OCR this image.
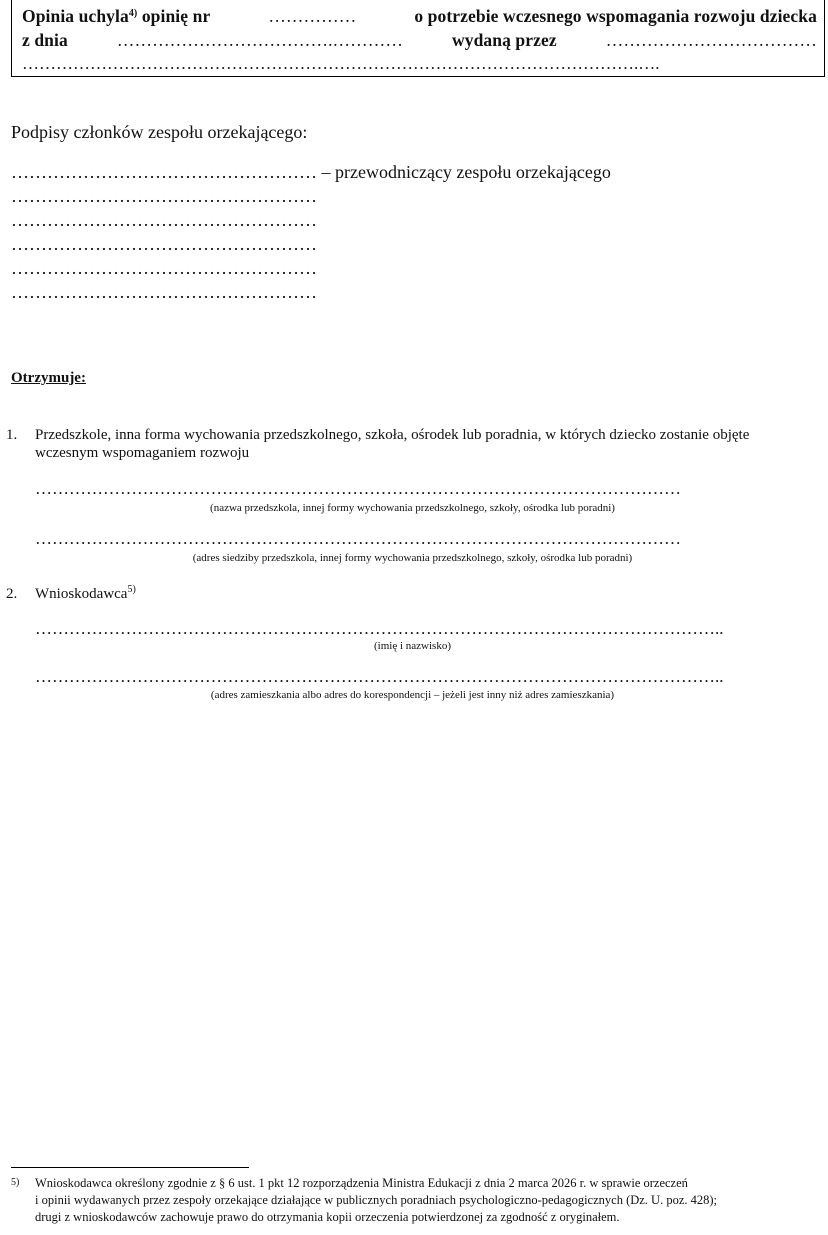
Opinia uchyla$^{4)}$ opinię nr	……………	o potrzebie wczesnego wspomagania rozwoju dziecka
z dnia	……………………………….…………	wydaną przez	………………………………
……………………………………………………………………………………………….….
Podpisy członków zespołu orzekającego:
…………………………………………… – przewodniczący zespołu orzekającego
……………………………………………
……………………………………………
……………………………………………
……………………………………………
……………………………………………
Otrzymuje:
1. Przedszkole, inna forma wychowania przedszkolnego, szkoła, ośrodek lub poradnia, w których dziecko zostanie objęte
wczesnym wspomaganiem rozwoju
……………………………………………………………………………………………………
(nazwa przedszkola, innej formy wychowania przedszkolnego, szkoły, ośrodka lub poradni)
……………………………………………………………………………………………………
(adres siedziby przedszkola, innej formy wychowania przedszkolnego, szkoły, ośrodka lub poradni)
2. Wnioskodawca$^{5)}$
…………………………………………………………………………………………………………..
(imię i nazwisko)
…………………………………………………………………………………………………………..
(adres zamieszkania albo adres do korespondencji – jeżeli jest inny niż adres zamieszkania)
5) Wnioskodawca określony zgodnie z § 6 ust. 1 pkt 12 rozporządzenia Ministra Edukacji z dnia 2 marca 2026 r. w sprawie orzeczeń
i opinii wydawanych przez zespoły orzekające działające w publicznych poradniach psychologiczno-pedagogicznych (Dz. U. poz. 428);
drugi z wnioskodawców zachowuje prawo do otrzymania kopii orzeczenia potwierdzonej za zgodność z oryginałem.
